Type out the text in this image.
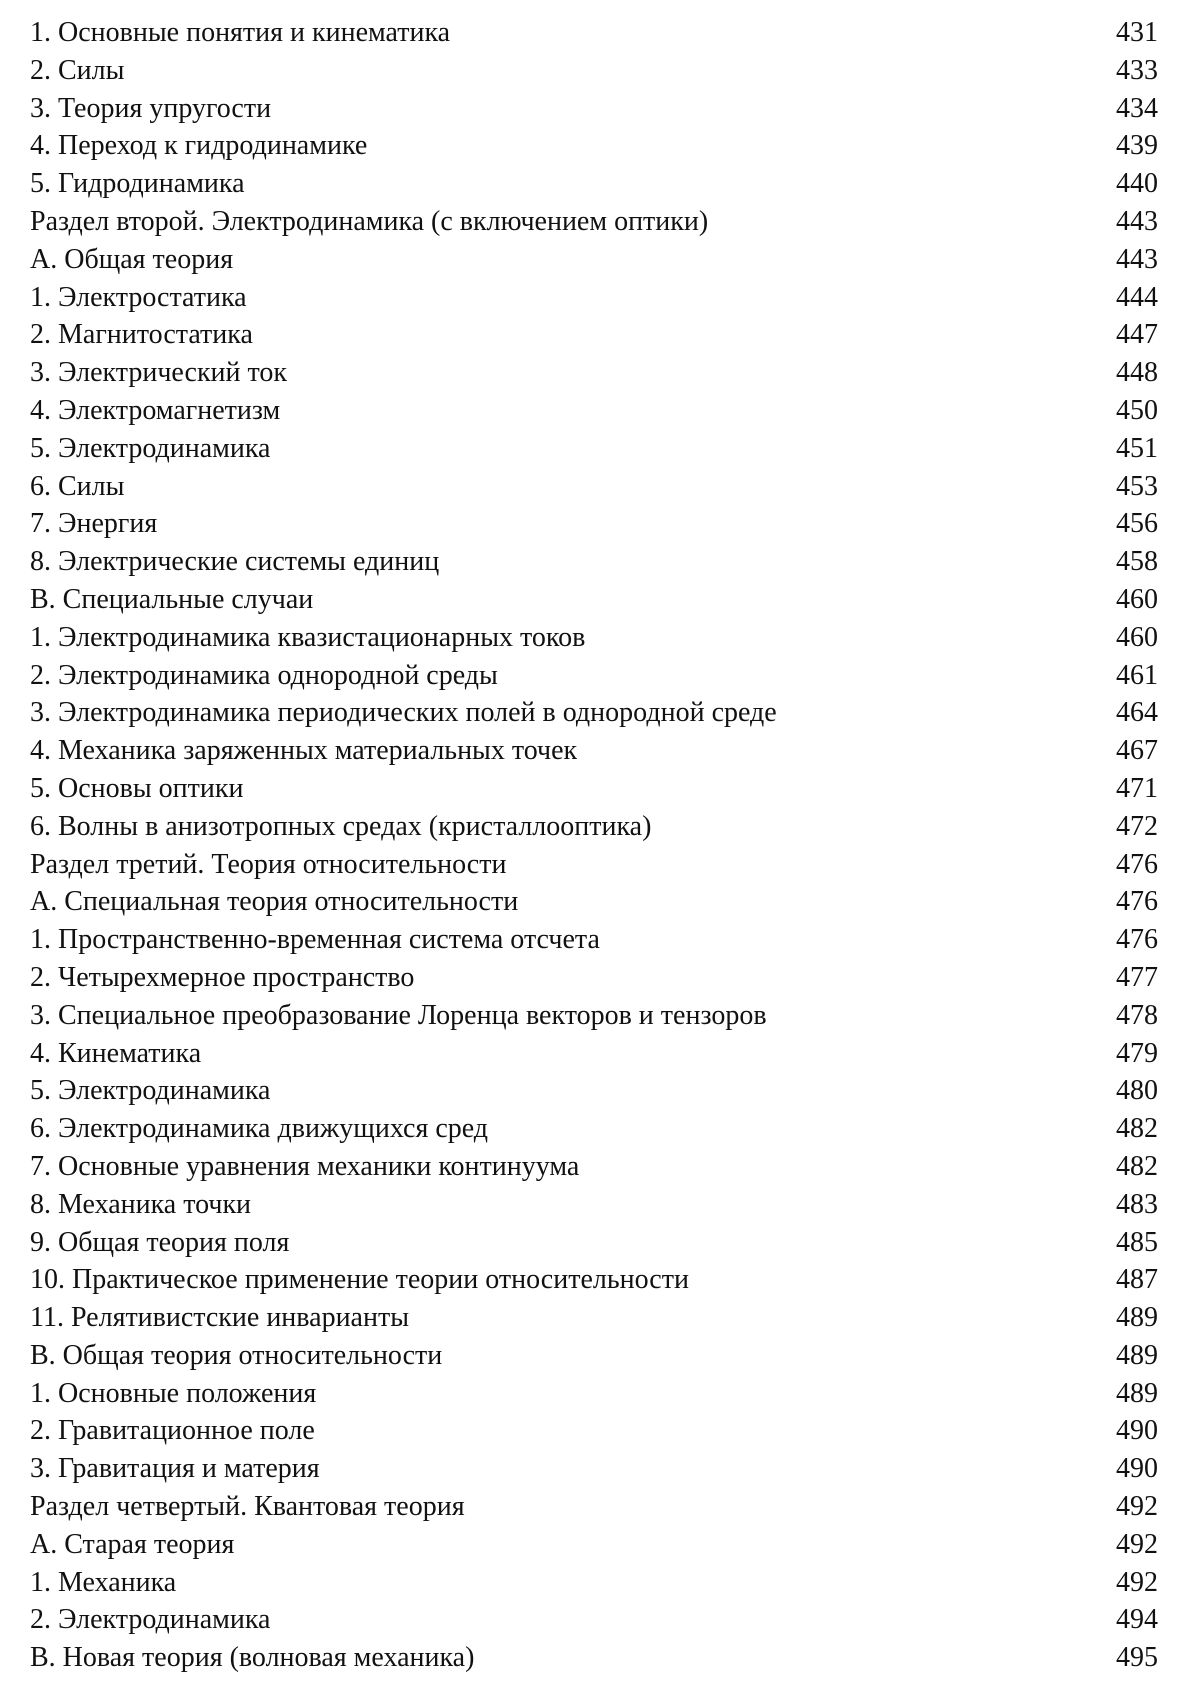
1. Основные понятия и кинематика	431
2. Силы	433
3. Теория упругости	434
4. Переход к гидродинамике	439
5. Гидродинамика	440
Раздел второй. Электродинамика (с включением оптики)	443
А. Общая теория	443
1. Электростатика	444
2. Магнитостатика	447
3. Электрический ток	448
4. Электромагнетизм	450
5. Электродинамика	451
6. Силы	453
7. Энергия	456
8. Электрические системы единиц	458
В. Специальные случаи	460
1. Электродинамика квазистационарных токов	460
2. Электродинамика однородной среды	461
3. Электродинамика периодических полей в однородной среде	464
4. Механика заряженных материальных точек	467
5. Основы оптики	471
6. Волны в анизотропных средах (кристаллооптика)	472
Раздел третий. Теория относительности	476
А. Специальная теория относительности	476
1. Пространственно-временная система отсчета	476
2. Четырехмерное пространство	477
3. Специальное преобразование Лоренца векторов и тензоров	478
4. Кинематика	479
5. Электродинамика	480
6. Электродинамика движущихся сред	482
7. Основные уравнения механики континуума	482
8. Механика точки	483
9. Общая теория поля	485
10. Практическое применение теории относительности	487
11. Релятивистские инварианты	489
В. Общая теория относительности	489
1. Основные положения	489
2. Гравитационное поле	490
3. Гравитация и материя	490
Раздел четвертый. Квантовая теория	492
А. Старая теория	492
1. Механика	492
2. Электродинамика	494
В. Новая теория (волновая механика)	495
